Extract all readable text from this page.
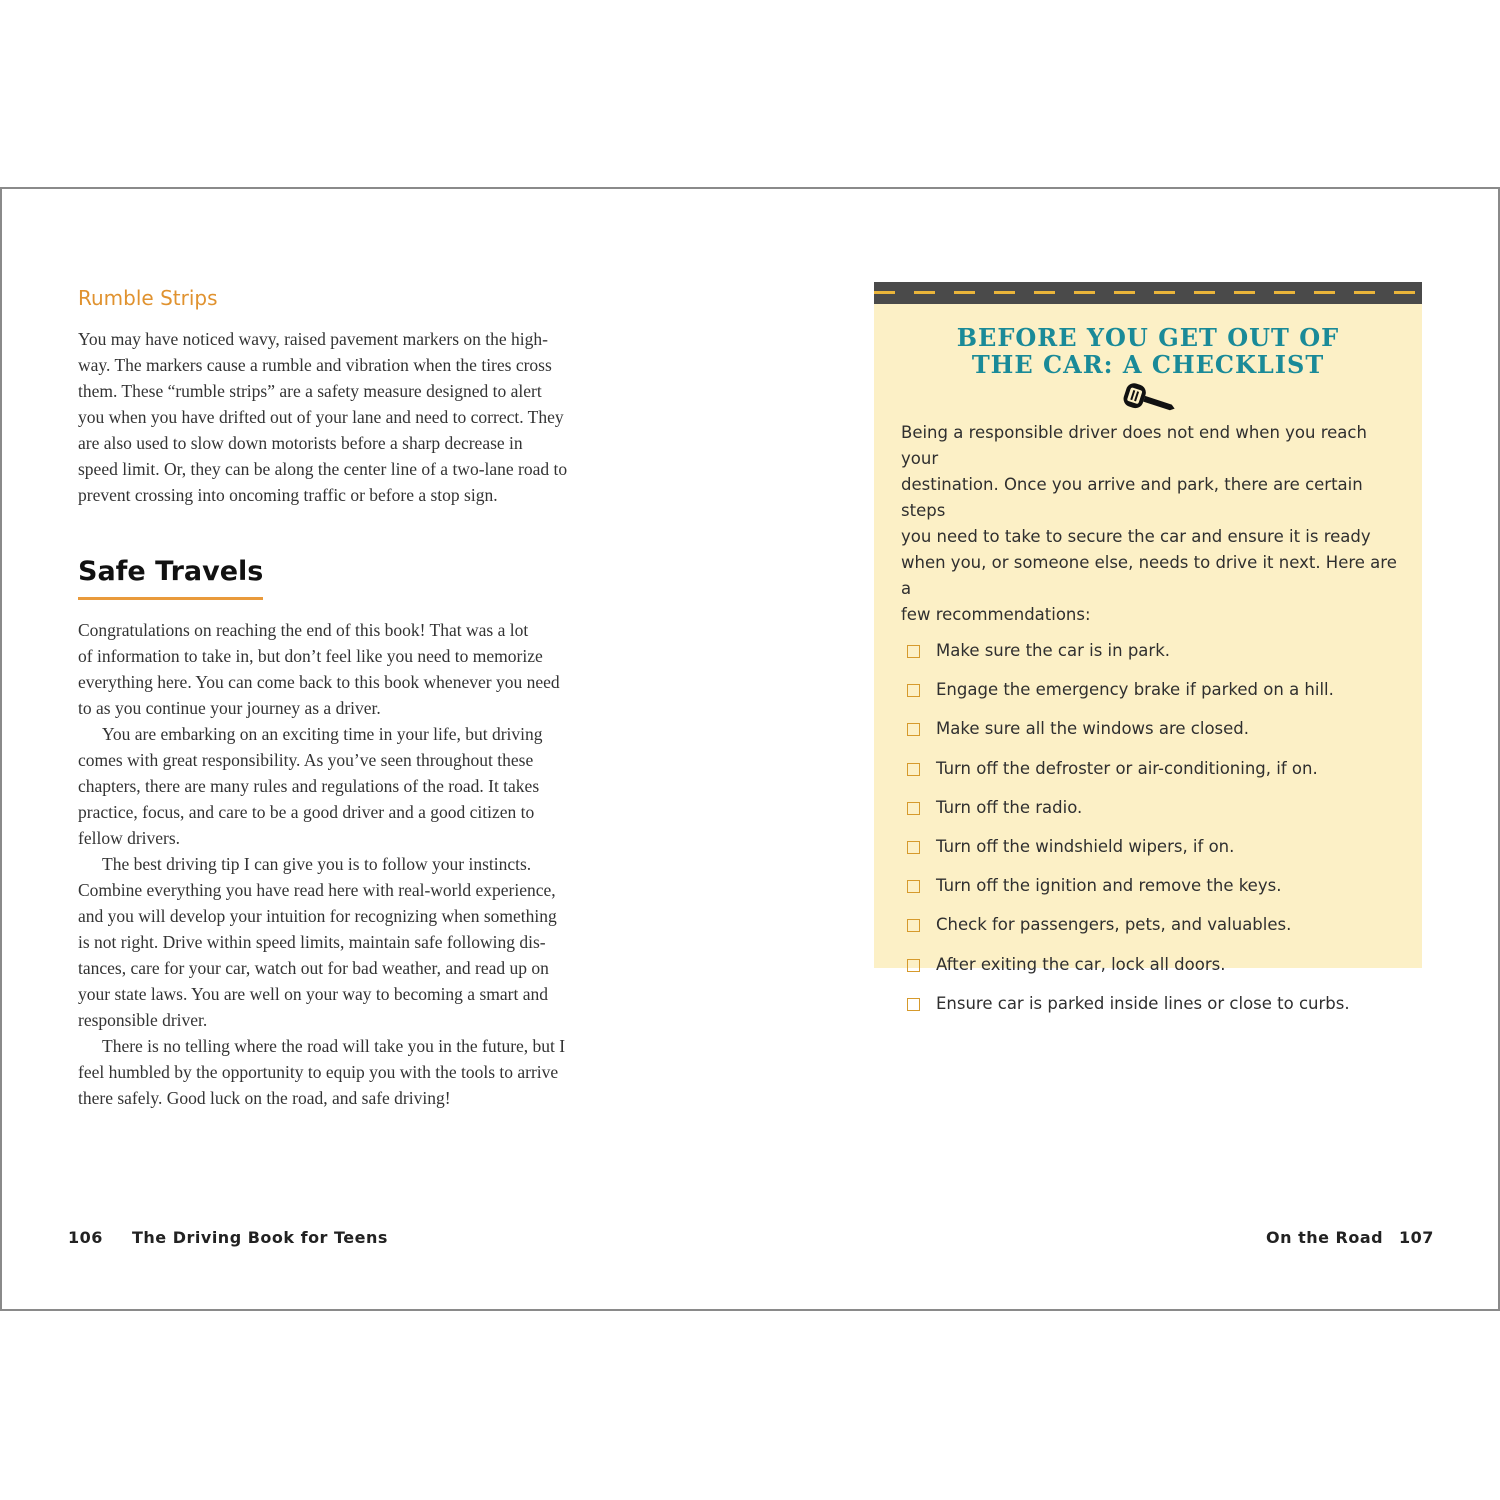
Rumble Strips

You may have noticed wavy, raised pavement markers on the high-
way. The markers cause a rumble and vibration when the tires cross
them. These “rumble strips” are a safety measure designed to alert
you when you have drifted out of your lane and need to correct. They
are also used to slow down motorists before a sharp decrease in
speed limit. Or, they can be along the center line of a two-lane road to
prevent crossing into oncoming traffic or before a stop sign.

Safe Travels

Congratulations on reaching the end of this book! That was a lot
of information to take in, but don’t feel like you need to memorize
everything here. You can come back to this book whenever you need
to as you continue your journey as a driver.

You are embarking on an exciting time in your life, but driving
comes with great responsibility. As you’ve seen throughout these
chapters, there are many rules and regulations of the road. It takes
practice, focus, and care to be a good driver and a good citizen to
fellow drivers.

The best driving tip I can give you is to follow your instincts.
Combine everything you have read here with real-world experience,
and you will develop your intuition for recognizing when something
is not right. Drive within speed limits, maintain safe following dis-
tances, care for your car, watch out for bad weather, and read up on
your state laws. You are well on your way to becoming a smart and
responsible driver.

There is no telling where the road will take you in the future, but I
feel humbled by the opportunity to equip you with the tools to arrive
there safely. Good luck on the road, and safe driving!

BEFORE YOU GET OUT OF
THE CAR: A CHECKLIST

Being a responsible driver does not end when you reach your
destination. Once you arrive and park, there are certain steps
you need to take to secure the car and ensure it is ready
when you, or someone else, needs to drive it next. Here are a
few recommendations:

Make sure the car is in park.
Engage the emergency brake if parked on a hill.
Make sure all the windows are closed.
Turn off the defroster or air-conditioning, if on.
Turn off the radio.
Turn off the windshield wipers, if on.
Turn off the ignition and remove the keys.
Check for passengers, pets, and valuables.
After exiting the car, lock all doors.
Ensure car is parked inside lines or close to curbs.
106 The Driving Book for Teens	On the Road 107
